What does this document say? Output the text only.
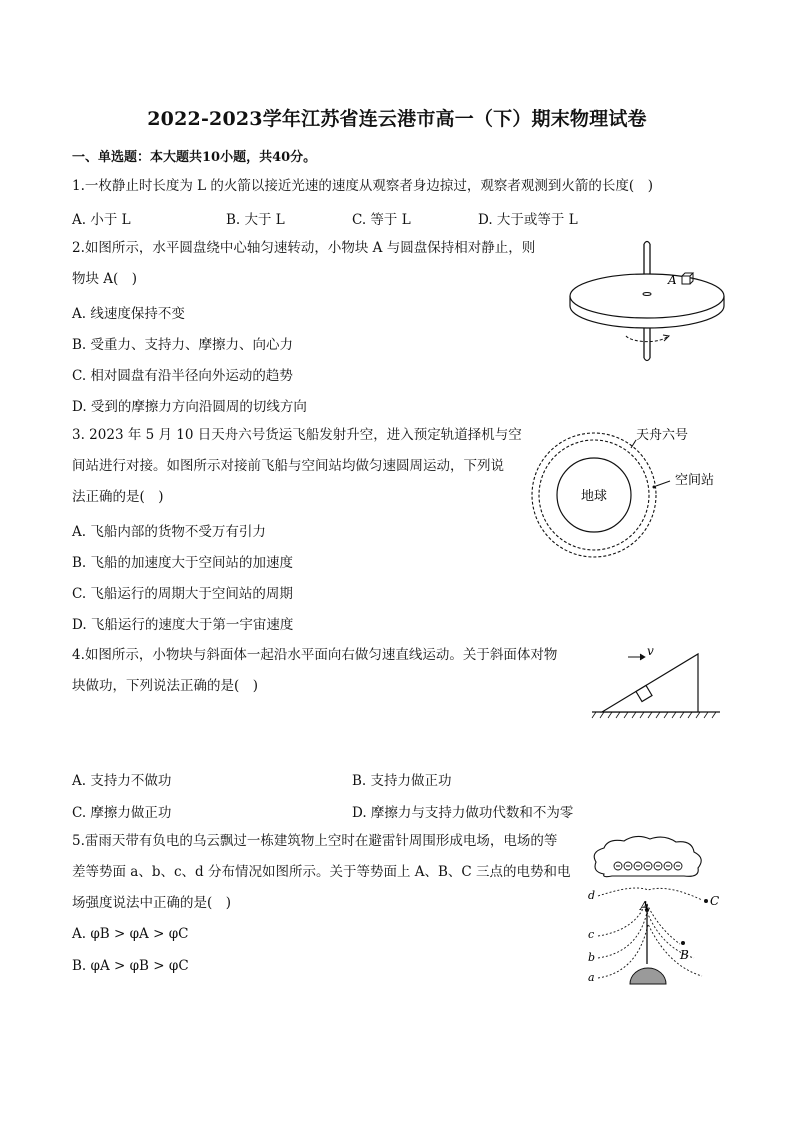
2022-2023学年江苏省连云港市高一（下）期末物理试卷
一、单选题：本大题共10小题，共40分。
1.一枚静止时长度为 L 的火箭以接近光速的速度从观察者身边掠过，观察者观测到火箭的长度(　)
A. 小于 L	B. 大于 L	C. 等于 L	D. 大于或等于 L
2.如图所示，水平圆盘绕中心轴匀速转动，小物块 A 与圆盘保持相对静止，则
物块 A(　)
A. 线速度保持不变
B. 受重力、支持力、摩擦力、向心力
C. 相对圆盘有沿半径向外运动的趋势
D. 受到的摩擦力方向沿圆周的切线方向
A
3. 2023 年 5 月 10 日天舟六号货运飞船发射升空，进入预定轨道择机与空
间站进行对接。如图所示对接前飞船与空间站均做匀速圆周运动，下列说
法正确的是(　)
A. 飞船内部的货物不受万有引力
B. 飞船的加速度大于空间站的加速度
C. 飞船运行的周期大于空间站的周期
D. 飞船运行的速度大于第一宇宙速度
地球
天舟六号
空间站
4.如图所示，小物块与斜面体一起沿水平面向右做匀速直线运动。关于斜面体对物
块做功，下列说法正确的是(　)
A. 支持力不做功	B. 支持力做正功
C. 摩擦力做正功	D. 摩擦力与支持力做功代数和不为零
v
5.雷雨天带有负电的乌云飘过一栋建筑物上空时在避雷针周围形成电场，电场的等
差等势面 a、b、c、d 分布情况如图所示。关于等势面上 A、B、C 三点的电势和电
场强度说法中正确的是(　)
A. φB > φA > φC
B. φA > φB > φC
d
c
b
a
A
B
C
